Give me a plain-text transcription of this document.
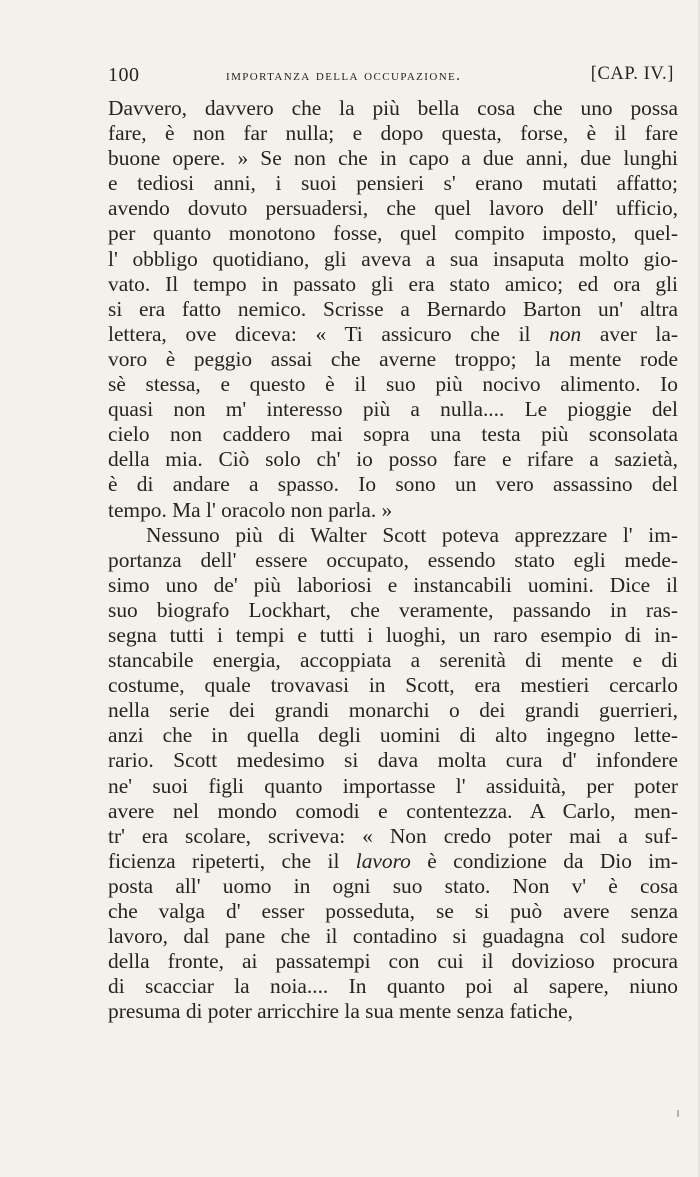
100	importanza della occupazione.	[CAP. IV.]
Davvero, davvero che la più bella cosa che uno possa
fare, è non far nulla; e dopo questa, forse, è il fare
buone opere. » Se non che in capo a due anni, due lunghi
e tediosi anni, i suoi pensieri s' erano mutati affatto;
avendo dovuto persuadersi, che quel lavoro dell' ufficio,
per quanto monotono fosse, quel compito imposto, quel-
l' obbligo quotidiano, gli aveva a sua insaputa molto gio-
vato. Il tempo in passato gli era stato amico; ed ora gli
si era fatto nemico. Scrisse a Bernardo Barton un' altra
lettera, ove diceva: « Ti assicuro che il non aver la-
voro è peggio assai che averne troppo; la mente rode
sè stessa, e questo è il suo più nocivo alimento. Io
quasi non m' interesso più a nulla.... Le pioggie del
cielo non caddero mai sopra una testa più sconsolata
della mia. Ciò solo ch' io posso fare e rifare a sazietà,
è di andare a spasso. Io sono un vero assassino del
tempo. Ma l' oracolo non parla. »
Nessuno più di Walter Scott poteva apprezzare l' im-
portanza dell' essere occupato, essendo stato egli mede-
simo uno de' più laboriosi e instancabili uomini. Dice il
suo biografo Lockhart, che veramente, passando in ras-
segna tutti i tempi e tutti i luoghi, un raro esempio di in-
stancabile energia, accoppiata a serenità di mente e di
costume, quale trovavasi in Scott, era mestieri cercarlo
nella serie dei grandi monarchi o dei grandi guerrieri,
anzi che in quella degli uomini di alto ingegno lette-
rario. Scott medesimo si dava molta cura d' infondere
ne' suoi figli quanto importasse l' assiduità, per poter
avere nel mondo comodi e contentezza. A Carlo, men-
tr' era scolare, scriveva: « Non credo poter mai a suf-
ficienza ripeterti, che il lavoro è condizione da Dio im-
posta all' uomo in ogni suo stato. Non v' è cosa
che valga d' esser posseduta, se si può avere senza
lavoro, dal pane che il contadino si guadagna col sudore
della fronte, ai passatempi con cui il dovizioso procura
di scacciar la noia.... In quanto poi al sapere, niuno
presuma di poter arricchire la sua mente senza fatiche,
